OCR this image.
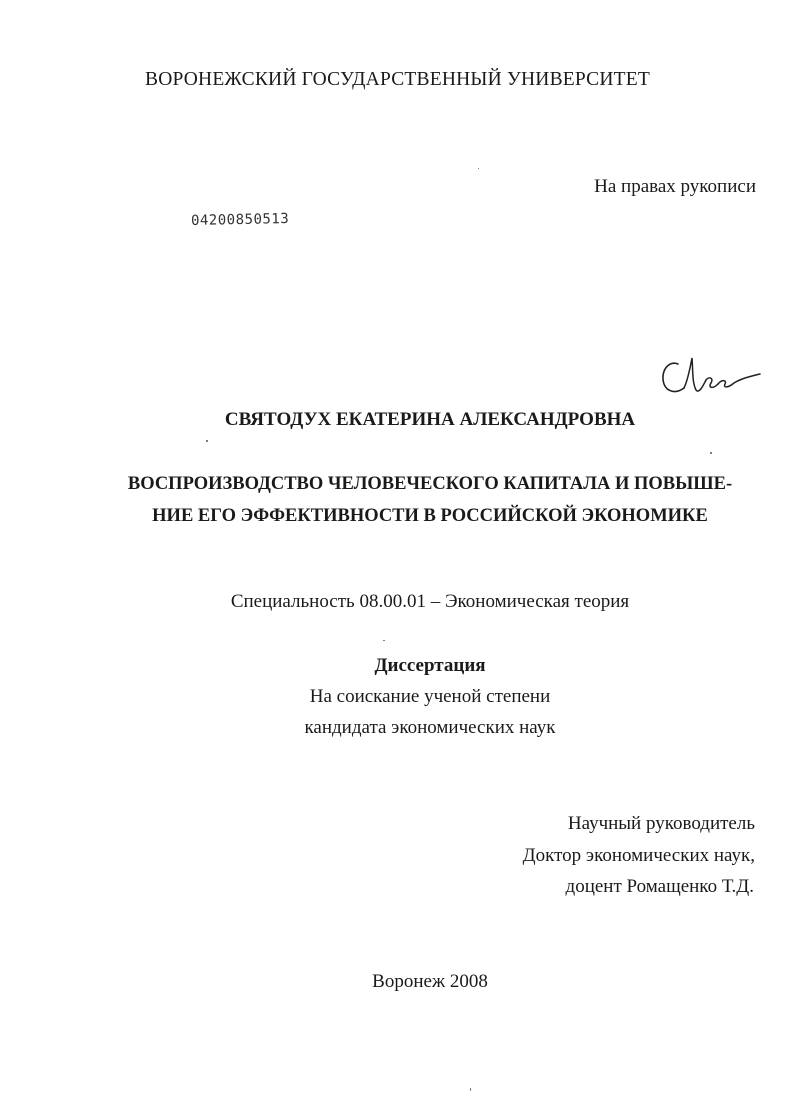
ВОРОНЕЖСКИЙ ГОСУДАРСТВЕННЫЙ УНИВЕРСИТЕТ
На правах рукописи
04200850513
СВЯТОДУХ ЕКАТЕРИНА АЛЕКСАНДРОВНА
ВОСПРОИЗВОДСТВО ЧЕЛОВЕЧЕСКОГО КАПИТАЛА И ПОВЫШЕ-
НИЕ ЕГО ЭФФЕКТИВНОСТИ В РОССИЙСКОЙ ЭКОНОМИКЕ
Специальность 08.00.01 – Экономическая теория
Диссертация
На соискание ученой степени
кандидата экономических наук
Научный руководитель
Доктор экономических наук,
доцент Ромащенко Т.Д.
Воронеж 2008
